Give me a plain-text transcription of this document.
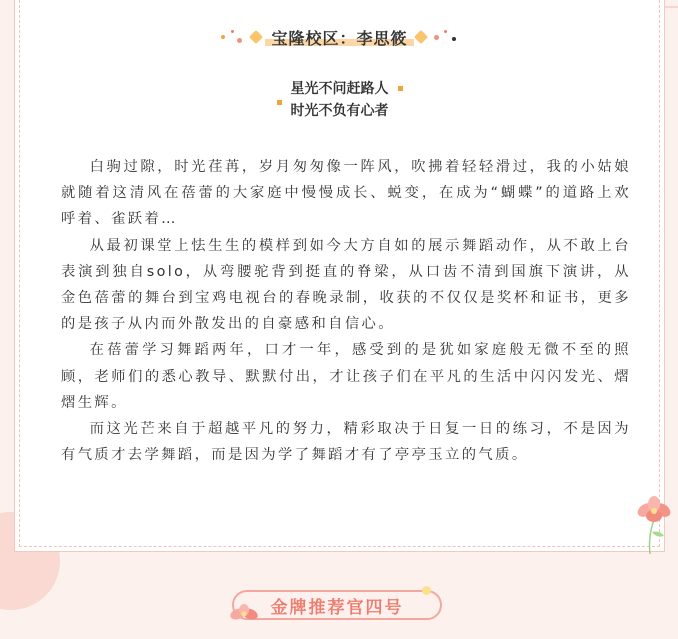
宝隆校区：李思筱
星光不问赶路人
时光不负有心者

白驹过隙，时光荏苒，岁月匆匆像一阵风，吹拂着轻轻滑过，我的小姑娘就随着这清风在蓓蕾的大家庭中慢慢成长、蜕变，在成为“蝴蝶”的道路上欢呼着、雀跃着…

从最初课堂上怯生生的模样到如今大方自如的展示舞蹈动作，从不敢上台表演到独自solo，从弯腰驼背到挺直的脊梁，从口齿不清到国旗下演讲，从金色蓓蕾的舞台到宝鸡电视台的春晚录制，收获的不仅仅是奖杯和证书，更多的是孩子从内而外散发出的自豪感和自信心。

在蓓蕾学习舞蹈两年，口才一年，感受到的是犹如家庭般无微不至的照顾，老师们的悉心教导、默默付出，才让孩子们在平凡的生活中闪闪发光、熠熠生辉。

而这光芒来自于超越平凡的努力，精彩取决于日复一日的练习，不是因为有气质才去学舞蹈，而是因为学了舞蹈才有了亭亭玉立的气质。

金牌推荐官四号
